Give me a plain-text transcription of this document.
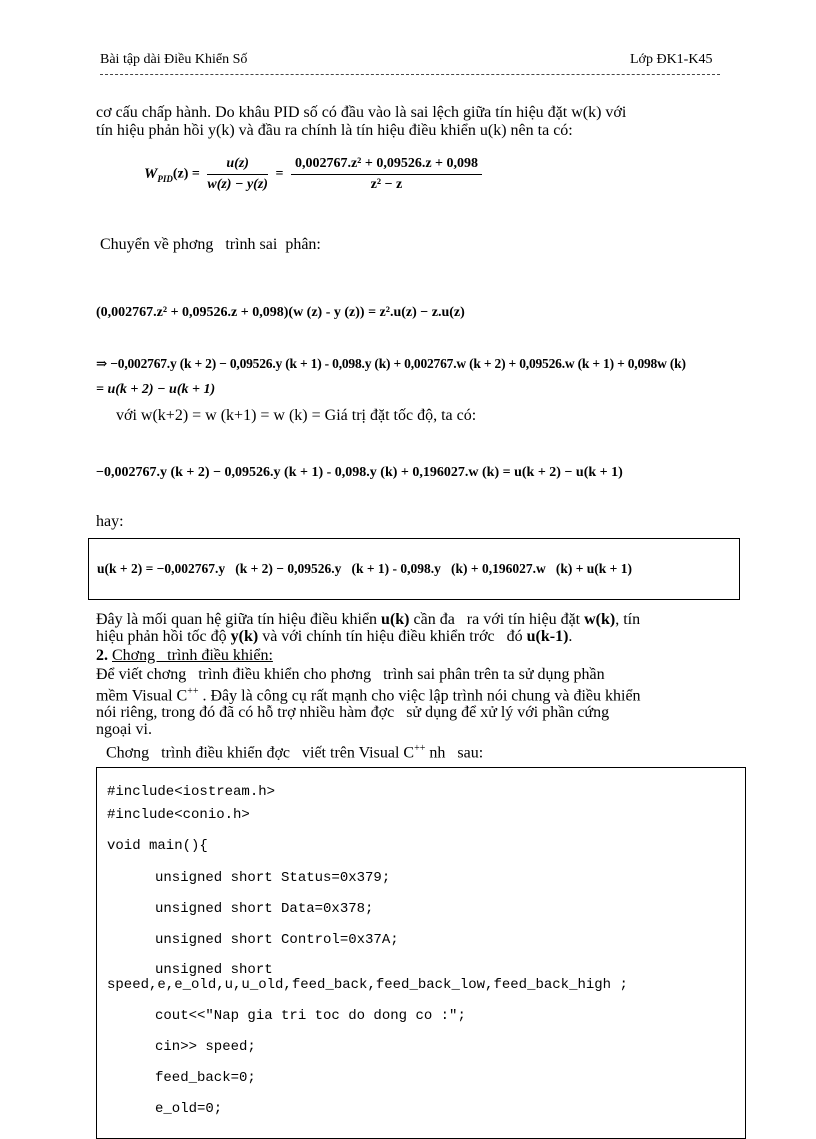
Bài tập dài Điều Khiển Số	Lớp ĐK1-K45
cơ cấu chấp hành. Do khâu PID số có đầu vào là sai lệch giữa tín hiệu đặt w(k) với
tín hiệu phản hồi y(k) và đầu ra chính là tín hiệu điều khiển u(k) nên ta có:
$W_{PID}(z) = \frac{u(z)}{w(z) - y(z)} = \frac{\text{0,002767.z² + 0,09526.z + 0,098}}{\text{z² − z}}$
Chuyển về phơng   trình sai  phân:
(0,002767.z² + 0,09526.z + 0,098)(w (z) - y (z)) = z².u(z) − z.u(z)
⇒ −0,002767.y (k + 2) − 0,09526.y (k + 1) - 0,098.y (k) + 0,002767.w (k + 2) + 0,09526.w (k + 1) + 0,098w (k)
= u(k + 2) − u(k + 1)
với w(k+2) = w (k+1) = w (k) = Giá trị đặt tốc độ, ta có:
−0,002767.y (k + 2) − 0,09526.y (k + 1) - 0,098.y (k) + 0,196027.w (k) = u(k + 2) − u(k + 1)
hay:
u(k + 2) = −0,002767.y   (k + 2) − 0,09526.y   (k + 1) - 0,098.y   (k) + 0,196027.w   (k) + u(k + 1)
Đây là mối quan hệ giữa tín hiệu điều khiển u(k) cần đa   ra với tín hiệu đặt w(k), tín
hiệu phản hồi tốc độ y(k) và với chính tín hiệu điều khiển trớc   đó u(k-1).
2. Chơng   trình điều khiển:
Để viết chơng   trình điều khiển cho phơng   trình sai phân trên ta sử dụng phần
mềm Visual C++ . Đây là công cụ rất mạnh cho việc lập trình nói chung và điều khiển
nói riêng, trong đó đã có hỗ trợ nhiều hàm đợc   sử dụng để xử lý với phần cứng
ngoại vi.
Chơng   trình điều khiển đợc   viết trên Visual C++ nh   sau:
#include<iostream.h>
#include<conio.h>
void main(){
unsigned short Status=0x379;
unsigned short Data=0x378;
unsigned short Control=0x37A;
unsigned short
speed,e,e_old,u,u_old,feed_back,feed_back_low,feed_back_high ;
cout<<"Nap gia tri toc do dong co :";
cin>> speed;
feed_back=0;
e_old=0;
